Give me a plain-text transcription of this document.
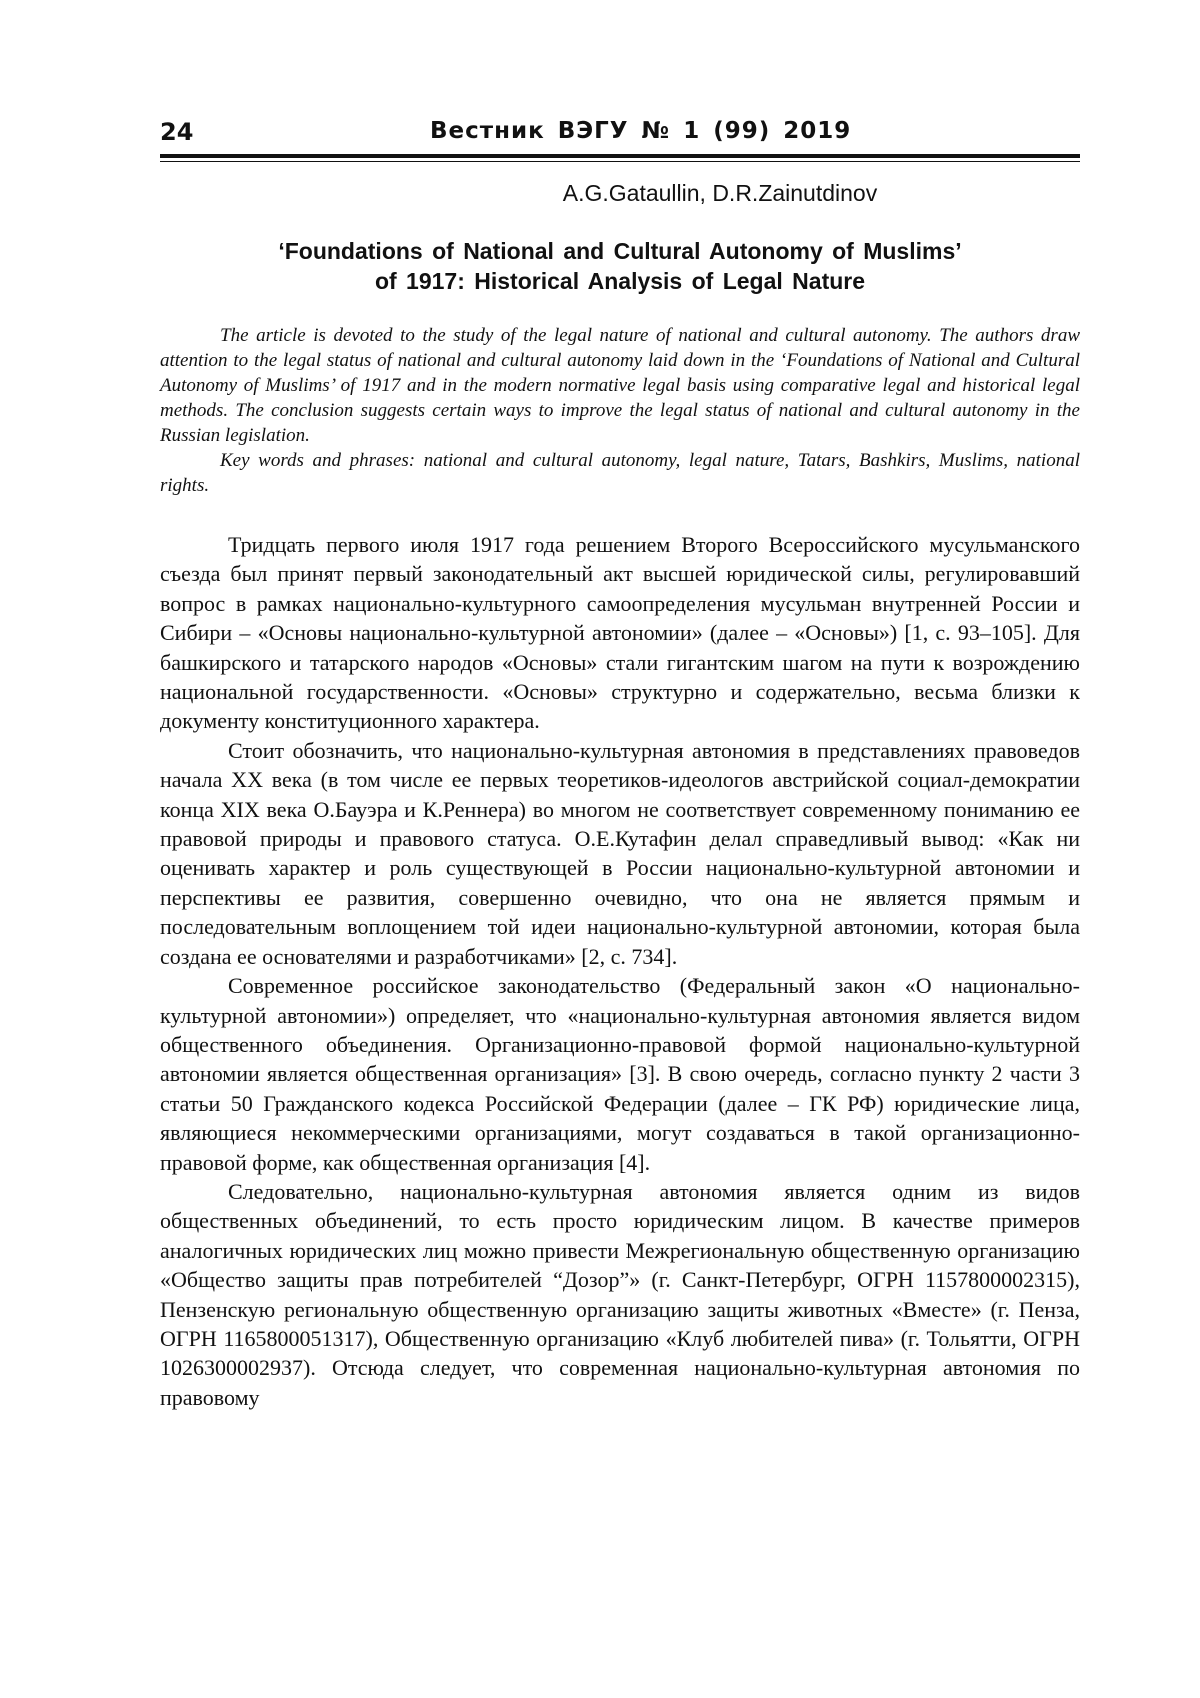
24	Вестник ВЭГУ № 1 (99) 2019
A.G.Gataullin, D.R.Zainutdinov
‘Foundations of National and Cultural Autonomy of Muslims’
of 1917: Historical Analysis of Legal Nature

The article is devoted to the study of the legal nature of national and cultural autonomy. The authors draw attention to the legal status of national and cultural autonomy laid down in the ‘Foundations of National and Cultural Autonomy of Muslims’ of 1917 and in the modern normative legal basis using comparative legal and historical legal methods. The conclusion suggests certain ways to improve the legal status of national and cultural autonomy in the Russian legislation.

Key words and phrases: national and cultural autonomy, legal nature, Tatars, Bashkirs, Muslims, national rights.

Тридцать первого июля 1917 года решением Второго Всероссийского мусульманского съезда был принят первый законодательный акт высшей юридической силы, регулировавший вопрос в рамках национально-культурного самоопределения мусульман внутренней России и Сибири – «Основы национально-культурной автономии» (далее – «Основы») [1, с. 93–105]. Для башкирского и татарского народов «Основы» стали гигантским шагом на пути к возрождению национальной государственности. «Основы» структурно и содержательно, весьма близки к документу конституционного характера.

Стоит обозначить, что национально-культурная автономия в представлениях правоведов начала XX века (в том числе ее первых теоретиков-идеологов австрийской социал-демократии конца XIX века О.Бауэра и К.Реннера) во многом не соответствует современному пониманию ее правовой природы и правового статуса. О.Е.Кутафин делал справедливый вывод: «Как ни оценивать характер и роль существующей в России национально-культурной автономии и перспективы ее развития, совершенно очевидно, что она не является прямым и последовательным воплощением той идеи национально-культурной автономии, которая была создана ее основателями и разработчиками» [2, с. 734].

Современное российское законодательство (Федеральный закон «О национально-культурной автономии») определяет, что «национально-культурная автономия является видом общественного объединения. Организационно-правовой формой национально-культурной автономии является общественная организация» [3]. В свою очередь, согласно пункту 2 части 3 статьи 50 Гражданского кодекса Российской Федерации (далее – ГК РФ) юридические лица, являющиеся некоммерческими организациями, могут создаваться в такой организационно-правовой форме, как общественная организация [4].

Следовательно, национально-культурная автономия является одним из видов общественных объединений, то есть просто юридическим лицом. В качестве примеров аналогичных юридических лиц можно привести Межрегиональную общественную организацию «Общество защиты прав потребителей “Дозор”» (г. Санкт-Петербург, ОГРН 1157800002315), Пензенскую региональную общественную организацию защиты животных «Вместе» (г. Пенза, ОГРН 1165800051317), Общественную организацию «Клуб любителей пива» (г. Тольятти, ОГРН 1026300002937). Отсюда следует, что современная национально-культурная автономия по правовому
